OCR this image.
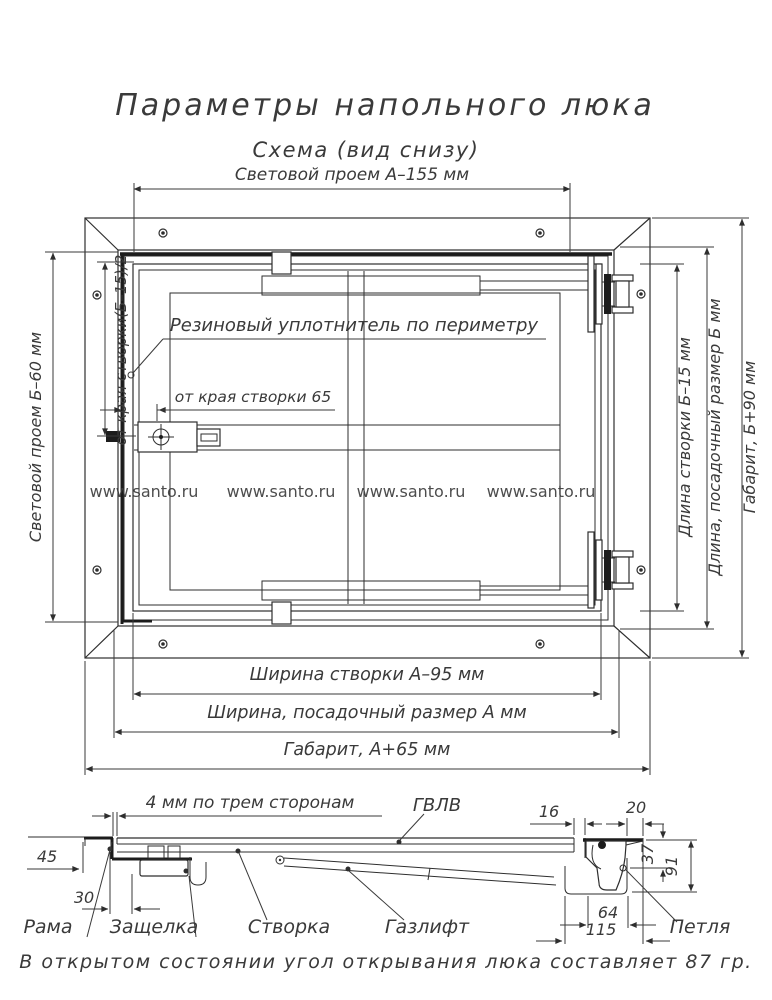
Параметры напольного люка
Схема (вид снизу)
Световой проем А–155 мм
Световой проем Б–60 мм	от края створки(Б–15)/2	от края створки 65
Резиновый уплотнитель по периметру
Длина створки Б–15 мм Длина, посадочный размер Б мм Габарит, Б+90 мм
Ширина створки А–95 мм
Ширина, посадочный размер А мм
Габарит, А+65 мм
4 мм по трем сторонам	ГВЛВ
45
30
16	20
37
91
64
115
Рама Защелка	Створка	Газлифт	Петля
В открытом состоянии угол открывания люка составляет 87 гр.
www.santo.ru www.santo.ru www.santo.ru www.santo.ru
